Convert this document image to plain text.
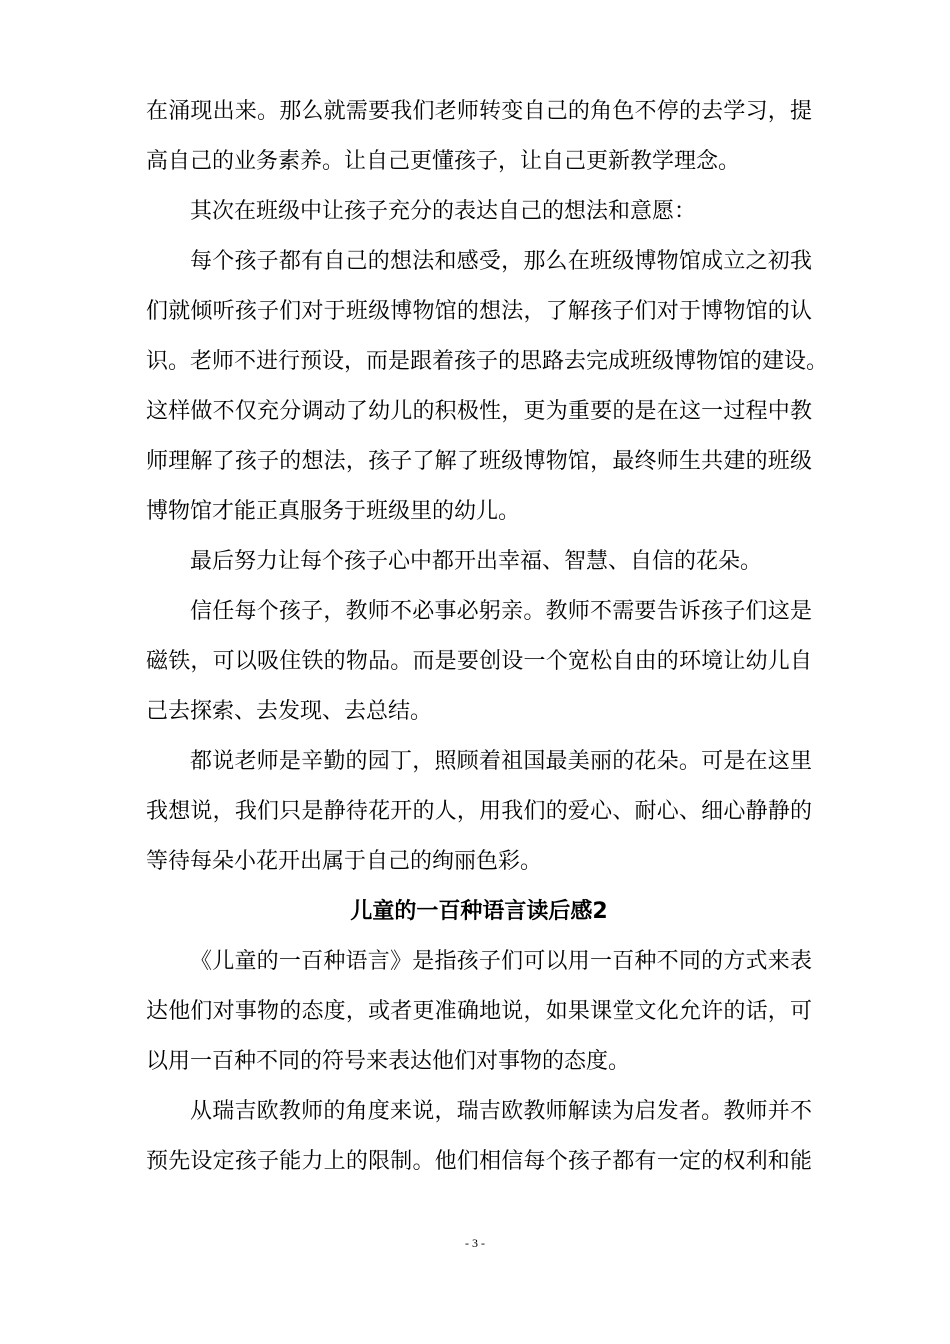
在涌现出来。那么就需要我们老师转变自己的角色不停的去学习，提
高自己的业务素养。让自己更懂孩子，让自己更新教学理念。
其次在班级中让孩子充分的表达自己的想法和意愿：
每个孩子都有自己的想法和感受，那么在班级博物馆成立之初我
们就倾听孩子们对于班级博物馆的想法，了解孩子们对于博物馆的认
识。老师不进行预设，而是跟着孩子的思路去完成班级博物馆的建设。
这样做不仅充分调动了幼儿的积极性，更为重要的是在这一过程中教
师理解了孩子的想法，孩子了解了班级博物馆，最终师生共建的班级
博物馆才能正真服务于班级里的幼儿。
最后努力让每个孩子心中都开出幸福、智慧、自信的花朵。
信任每个孩子，教师不必事必躬亲。教师不需要告诉孩子们这是
磁铁，可以吸住铁的物品。而是要创设一个宽松自由的环境让幼儿自
己去探索、去发现、去总结。
都说老师是辛勤的园丁，照顾着祖国最美丽的花朵。可是在这里
我想说，我们只是静待花开的人，用我们的爱心、耐心、细心静静的
等待每朵小花开出属于自己的绚丽色彩。
儿童的一百种语言读后感2
《儿童的一百种语言》是指孩子们可以用一百种不同的方式来表
达他们对事物的态度，或者更准确地说，如果课堂文化允许的话，可
以用一百种不同的符号来表达他们对事物的态度。
从瑞吉欧教师的角度来说，瑞吉欧教师解读为启发者。教师并不
预先设定孩子能力上的限制。他们相信每个孩子都有一定的权利和能
- 3 -
